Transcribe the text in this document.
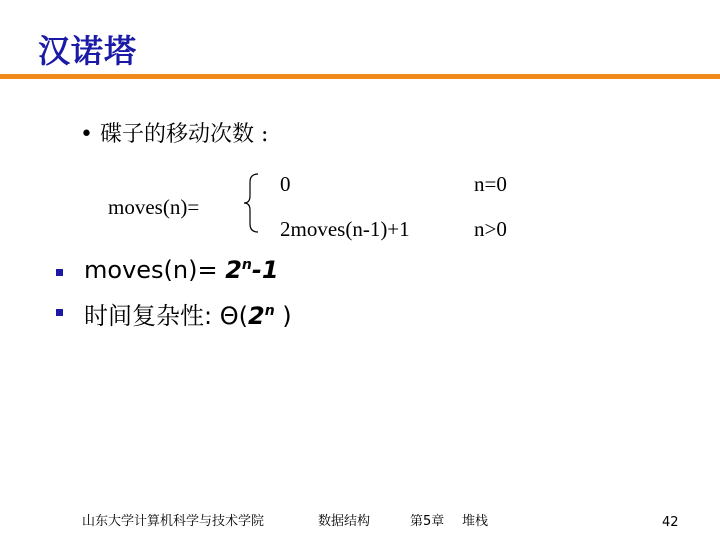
汉诺塔
• 碟子的移动次数 :
moves(n)=
0	n=0
2moves(n-1)+1	n>0
moves(n)= $2^n-1$
时间复杂性: Θ(2$^n$ )
山东大学计算机科学与技术学院	数据结构	第5章 堆栈	42
